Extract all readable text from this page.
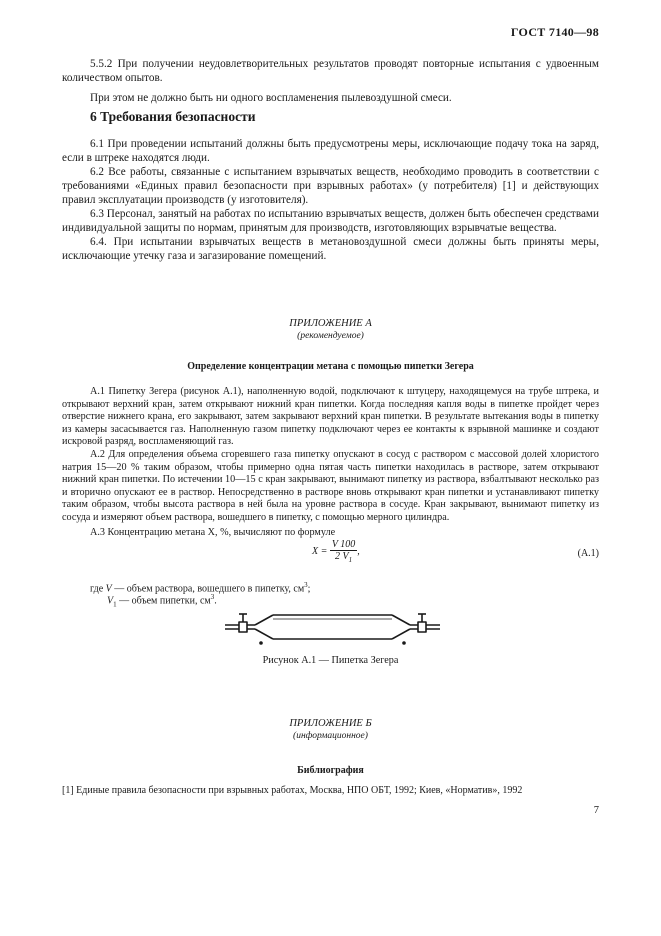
ГОСТ 7140—98

5.5.2 При получении неудовлетворительных результатов проводят повторные испытания с удвоенным количеством опытов.

При этом не должно быть ни одного воспламенения пылевоздушной смеси.

6 Требования безопасности

6.1 При проведении испытаний должны быть предусмотрены меры, исключающие подачу тока на заряд, если в штреке находятся люди.

6.2 Все работы, связанные с испытанием взрывчатых веществ, необходимо проводить в соответствии с требованиями «Единых правил безопасности при взрывных работах» (у потребителя) [1] и действующих правил эксплуатации производств (у изготовителя).

6.3 Персонал, занятый на работах по испытанию взрывчатых веществ, должен быть обеспечен средствами индивидуальной защиты по нормам, принятым для производств, изготовляющих взрывчатые вещества.

6.4. При испытании взрывчатых веществ в метановоздушной смеси должны быть приняты меры, исключающие утечку газа и загазирование помещений.

ПРИЛОЖЕНИЕ А
(рекомендуемое)
Определение концентрации метана с помощью пипетки Зегера

А.1 Пипетку Зегера (рисунок А.1), наполненную водой, подключают к штуцеру, находящемуся на трубе штрека, и открывают верхний кран, затем открывают нижний кран пипетки. Когда последняя капля воды в пипетке пройдет через отверстие нижнего крана, его закрывают, затем закрывают верхний кран пипетки. В результате вытекания воды в пипетку из камеры засасывается газ. Наполненную газом пипетку подключают через ее контакты к взрывной машинке и создают искровой разряд, воспламеняющий газ.

А.2 Для определения объема сгоревшего газа пипетку опускают в сосуд с раствором с массовой долей хлористого натрия 15—20 % таким образом, чтобы примерно одна пятая часть пипетки находилась в растворе, затем открывают нижний кран пипетки. По истечении 10—15 с кран закрывают, вынимают пипетку из раствора, взбалтывают несколько раз и вторично опускают ее в раствор. Непосредственно в растворе вновь открывают кран пипетки и устанавливают пипетку таким образом, чтобы высота раствора в ней была на уровне раствора в сосуде. Кран закрывают, вынимают пипетку из сосуда и измеряют объем раствора, вошедшего в пипетку, с помощью мерного цилиндра.

А.3 Концентрацию метана X, %, вычисляют по формуле

$X = \frac{V 100}{2 V_1}$ ,	(А.1)
где V — объем раствора, вошедшего в пипетку, $см^3$;
$V_1$ — объем пипетки, $см^3$.
Рисунок А.1 — Пипетка Зегера
ПРИЛОЖЕНИЕ Б
(информационное)
Библиография
[1] Единые правила безопасности при взрывных работах, Москва, НПО ОБТ, 1992; Киев, «Норматив», 1992
7
